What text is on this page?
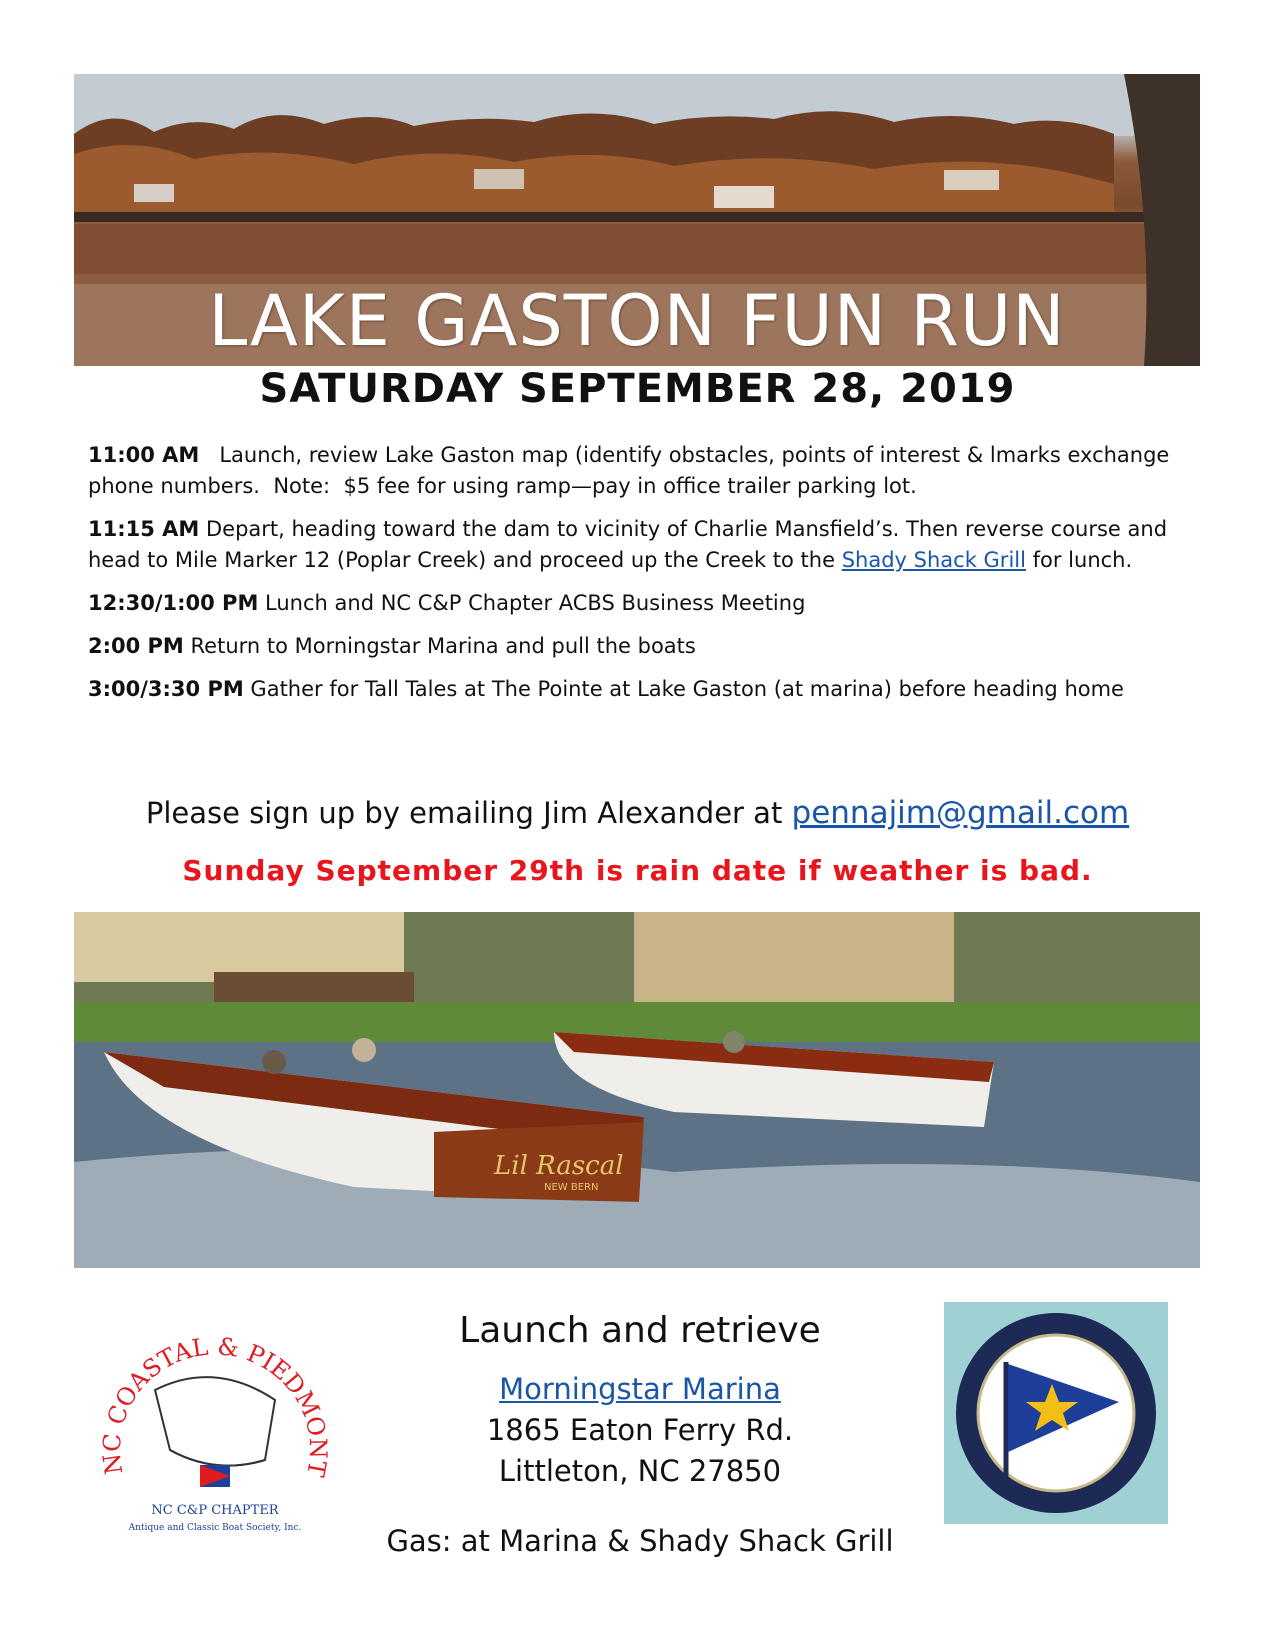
LAKE GASTON FUN RUN
SATURDAY SEPTEMBER 28, 2019

11:00 AM   Launch, review Lake Gaston map (identify obstacles, points of interest & lmarks exchange phone numbers.  Note:  $5 fee for using ramp—pay in office trailer parking lot.

11:15 AM Depart, heading toward the dam to vicinity of Charlie Mansfield’s. Then reverse course and head to Mile Marker 12 (Poplar Creek) and proceed up the Creek to the Shady Shack Grill for lunch.

12:30/1:00 PM Lunch and NC C&P Chapter ACBS Business Meeting

2:00 PM Return to Morningstar Marina and pull the boats

3:00/3:30 PM Gather for Tall Tales at The Pointe at Lake Gaston (at marina) before heading home

Please sign up by emailing Jim Alexander at pennajim@gmail.com
Sunday September 29th is rain date if weather is bad.
Lil Rascal
NEW BERN
NC COASTAL & PIEDMONT
NC C&P CHAPTER
Antique and Classic Boat Society, Inc.
Launch and retrieve
Morningstar Marina
1865 Eaton Ferry Rd.
Littleton, NC 27850
Gas: at Marina & Shady Shack Grill
